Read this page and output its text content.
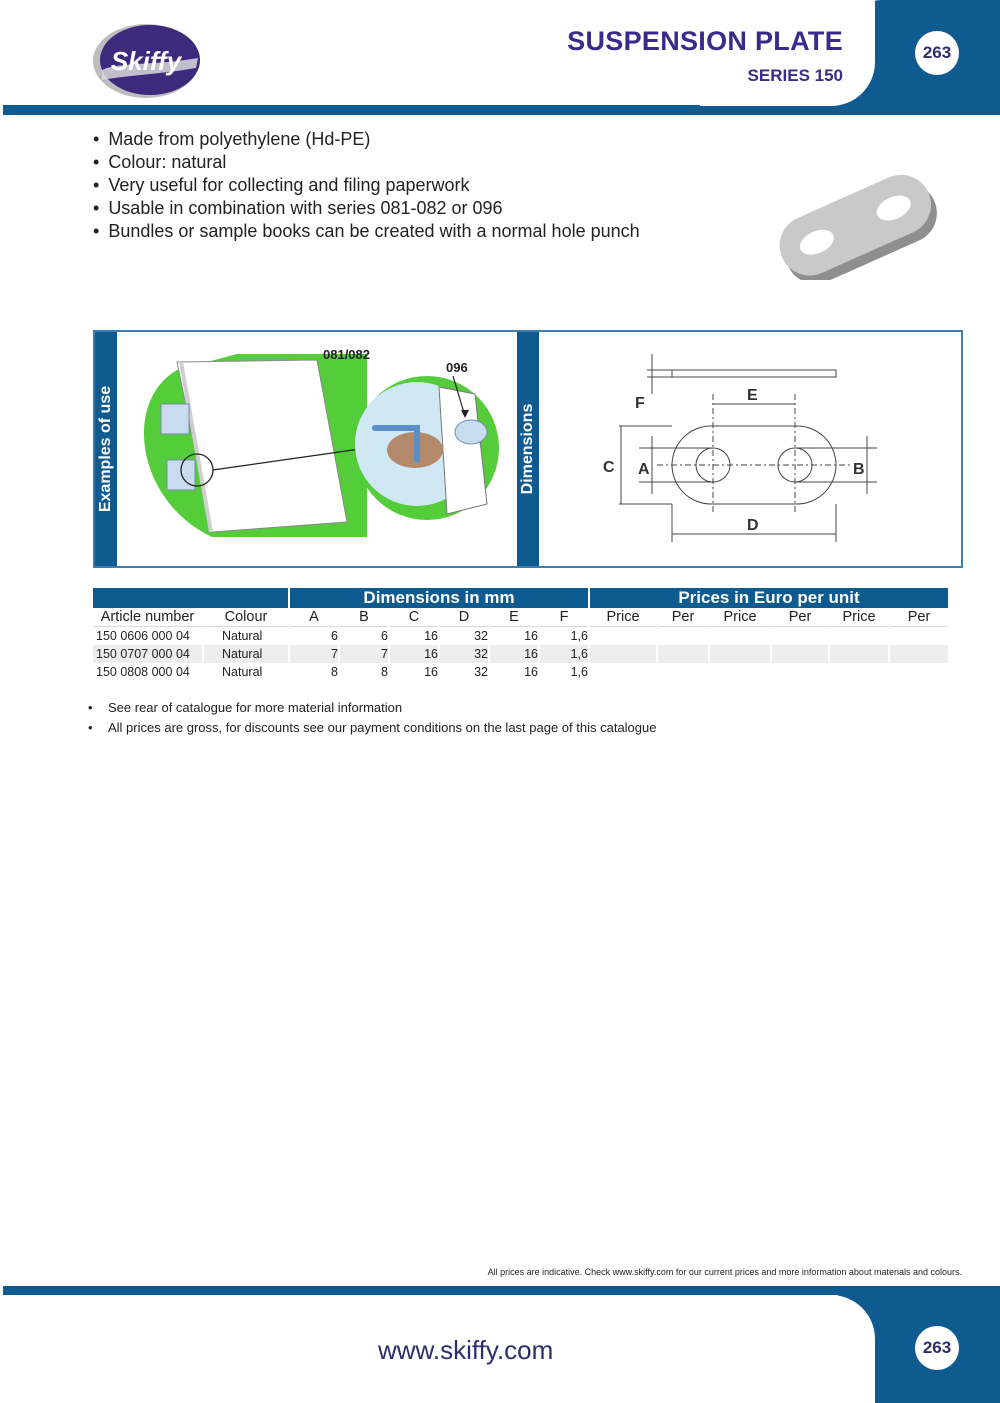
Skiffy
SUSPENSION PLATE
SERIES 150
263
• Made from polyethylene (Hd-PE)
• Colour: natural
• Very useful for collecting and filing paperwork
• Usable in combination with series 081-082 or 096
• Bundles or sample books can be created with a normal hole punch
Examples of use
081/082
096
Dimensions
F	E
C A	B
D
		Dimensions in mm						Prices in Euro per unit					
Article number	Colour	A	B	C	D	E	F	Price	Per	Price	Per	Price	Per
150 0606 000 04	Natural	6	6	16	32	16	1,6						
150 0707 000 04	Natural	7	7	16	32	16	1,6						
150 0808 000 04	Natural	8	8	16	32	16	1,6						
• See rear of catalogue for more material information
• All prices are gross, for discounts see our payment conditions on the last page of this catalogue
All prices are indicative. Check www.skiffy.com for our current prices and more information about materials and colours.
www.skiffy.com	263
